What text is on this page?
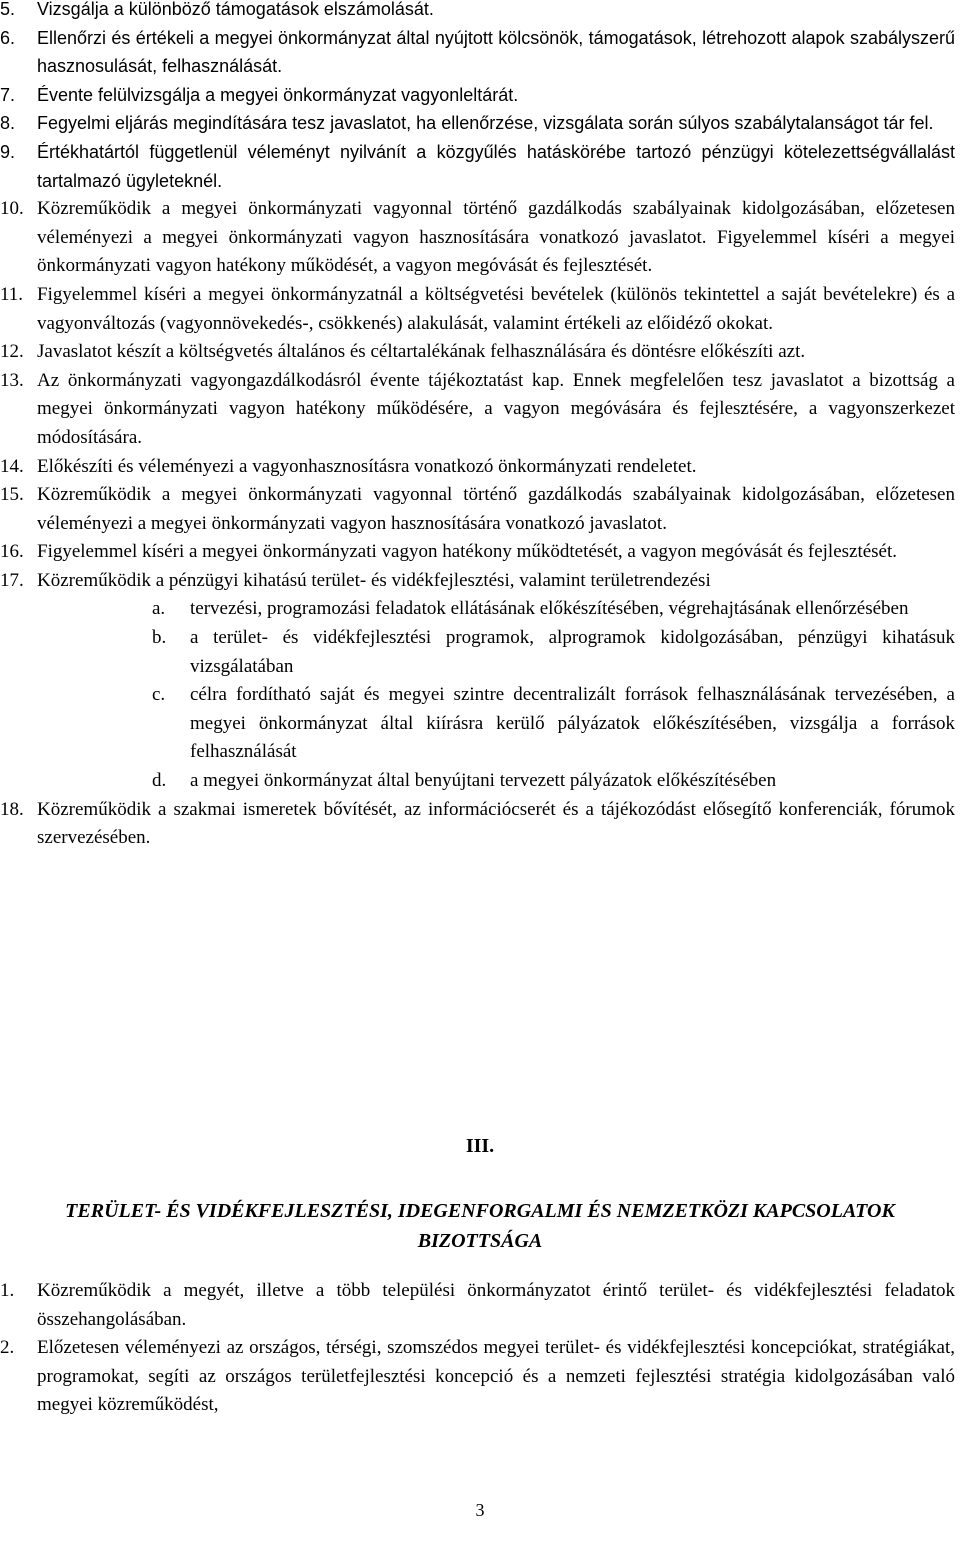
5. Vizsgálja a különböző támogatások elszámolását.
6. Ellenőrzi és értékeli a megyei önkormányzat által nyújtott kölcsönök, támogatások, létrehozott alapok szabályszerű hasznosulását, felhasználását.
7. Évente felülvizsgálja a megyei önkormányzat vagyonleltárát.
8. Fegyelmi eljárás megindítására tesz javaslatot, ha ellenőrzése, vizsgálata során súlyos szabálytalanságot tár fel.
9. Értékhatártól függetlenül véleményt nyilvánít a közgyűlés hatáskörébe tartozó pénzügyi kötelezettségvállalást tartalmazó ügyleteknél.
10. Közreműködik a megyei önkormányzati vagyonnal történő gazdálkodás szabályainak kidolgozásában, előzetesen véleményezi a megyei önkormányzati vagyon hasznosítására vonatkozó javaslatot. Figyelemmel kíséri a megyei önkormányzati vagyon hatékony működését, a vagyon megóvását és fejlesztését.
11. Figyelemmel kíséri a megyei önkormányzatnál a költségvetési bevételek (különös tekintettel a saját bevételekre) és a vagyonváltozás (vagyonnövekedés-, csökkenés) alakulását, valamint értékeli az előidéző okokat.
12. Javaslatot készít a költségvetés általános és céltartalékának felhasználására és döntésre előkészíti azt.
13. Az önkormányzati vagyongazdálkodásról évente tájékoztatást kap. Ennek megfelelően tesz javaslatot a bizottság a megyei önkormányzati vagyon hatékony működésére, a vagyon megóvására és fejlesztésére, a vagyonszerkezet módosítására.
14. Előkészíti és véleményezi a vagyonhasznosításra vonatkozó önkormányzati rendeletet.
15. Közreműködik a megyei önkormányzati vagyonnal történő gazdálkodás szabályainak kidolgozásában, előzetesen véleményezi a megyei önkormányzati vagyon hasznosítására vonatkozó javaslatot.
16. Figyelemmel kíséri a megyei önkormányzati vagyon hatékony működtetését, a vagyon megóvását és fejlesztését.
17. Közreműködik a pénzügyi kihatású terület- és vidékfejlesztési, valamint területrendezési
a. tervezési, programozási feladatok ellátásának előkészítésében, végrehajtásának ellenőrzésében
b. a terület- és vidékfejlesztési programok, alprogramok kidolgozásában, pénzügyi kihatásuk vizsgálatában
c. célra fordítható saját és megyei szintre decentralizált források felhasználásának tervezésében, a megyei önkormányzat által kiírásra kerülő pályázatok előkészítésében, vizsgálja a források felhasználását
d. a megyei önkormányzat által benyújtani tervezett pályázatok előkészítésében
18. Közreműködik a szakmai ismeretek bővítését, az információcserét és a tájékozódást elősegítő konferenciák, fórumok szervezésében.

III.

TERÜLET- ÉS VIDÉKFEJLESZTÉSI, IDEGENFORGALMI ÉS NEMZETKÖZI KAPCSOLATOK BIZOTTSÁGA

1. Közreműködik a megyét, illetve a több települési önkormányzatot érintő terület- és vidékfejlesztési feladatok összehangolásában.
2. Előzetesen véleményezi az országos, térségi, szomszédos megyei terület- és vidékfejlesztési koncepciókat, stratégiákat, programokat, segíti az országos területfejlesztési koncepció és a nemzeti fejlesztési stratégia kidolgozásában való megyei közreműködést,
3
